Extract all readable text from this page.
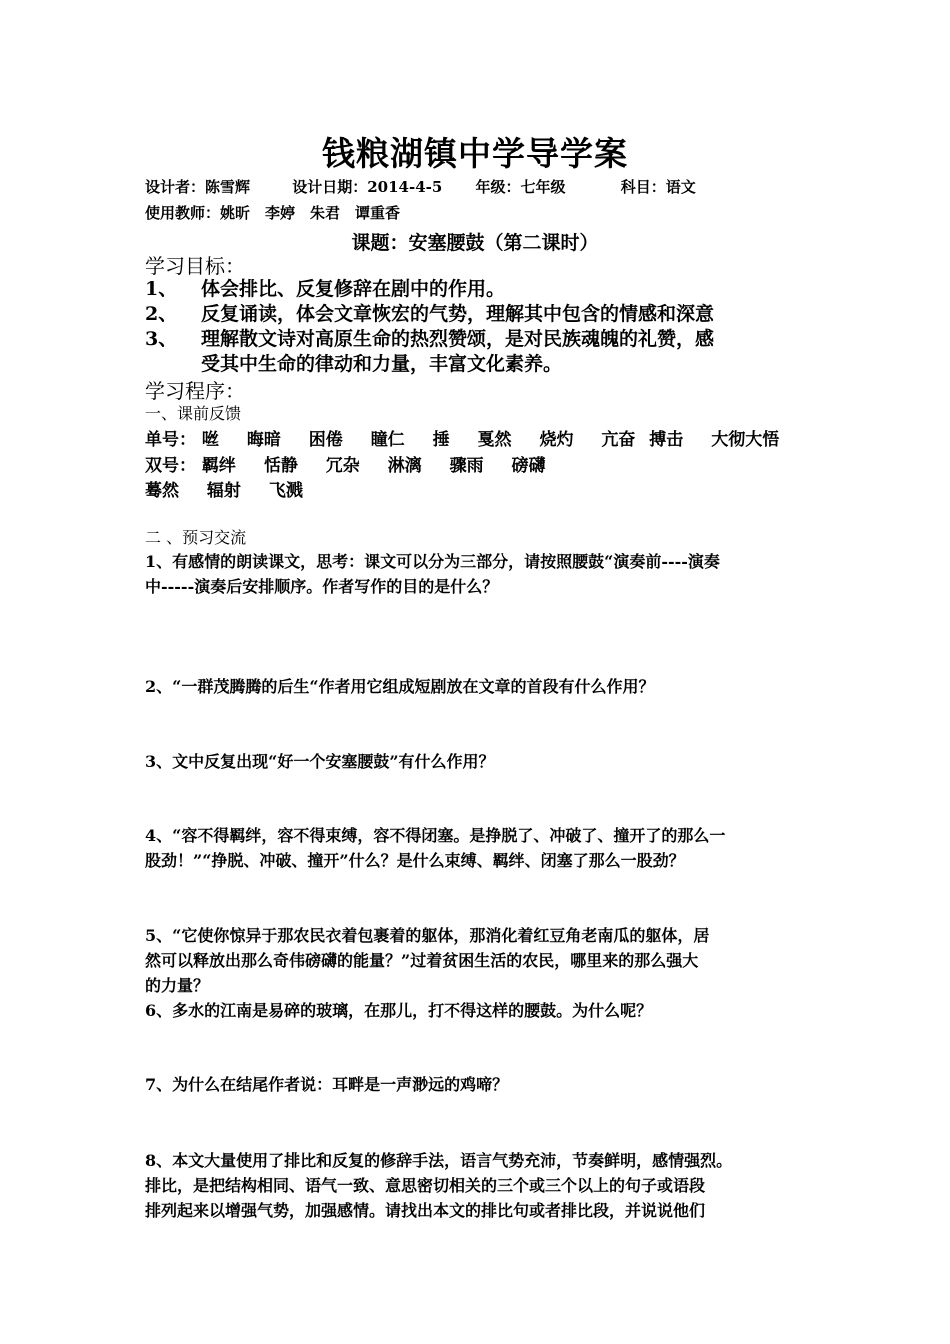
钱粮湖镇中学导学案
设计者：陈雪辉	设计日期：2014-4-5 年级：七年级	科目：语文
使用教师：姚昕　李婷　朱君　谭重香
课题：安塞腰鼓（第二课时）
学习目标：
1、 体会排比、反复修辞在剧中的作用。
2、 反复诵读，体会文章恢宏的气势，理解其中包含的情感和深意
3、 理解散文诗对高原生命的热烈赞颂，是对民族魂魄的礼赞，感
受其中生命的律动和力量，丰富文化素养。
学习程序：
一、课前反馈
单号： 咝 晦暗 困倦 瞳仁 捶 戛然 烧灼 亢奋 搏击 大彻大悟
双号： 羁绊 恬静 冗杂 淋漓 骤雨 磅礴
蓦然 辐射 飞溅
二 、预习交流
1、有感情的朗读课文，思考：课文可以分为三部分，请按照腰鼓“演奏前----演奏
中-----演奏后安排顺序。作者写作的目的是什么？
2、“一群茂腾腾的后生“作者用它组成短剧放在文章的首段有什么作用？
3、文中反复出现“好一个安塞腰鼓”有什么作用？
4、“容不得羁绊，容不得束缚，容不得闭塞。是挣脱了、冲破了、撞开了的那么一
股劲！”“挣脱、冲破、撞开”什么？是什么束缚、羁绊、闭塞了那么一股劲？
5、“它使你惊异于那农民衣着包裹着的躯体，那消化着红豆角老南瓜的躯体，居
然可以释放出那么奇伟磅礴的能量？”过着贫困生活的农民，哪里来的那么强大
的力量？
6、多水的江南是易碎的玻璃，在那儿，打不得这样的腰鼓。为什么呢？
7、为什么在结尾作者说：耳畔是一声渺远的鸡啼？
8、本文大量使用了排比和反复的修辞手法，语言气势充沛，节奏鲜明，感情强烈。
排比，是把结构相同、语气一致、意思密切相关的三个或三个以上的句子或语段
排列起来以增强气势，加强感情。请找出本文的排比句或者排比段，并说说他们
